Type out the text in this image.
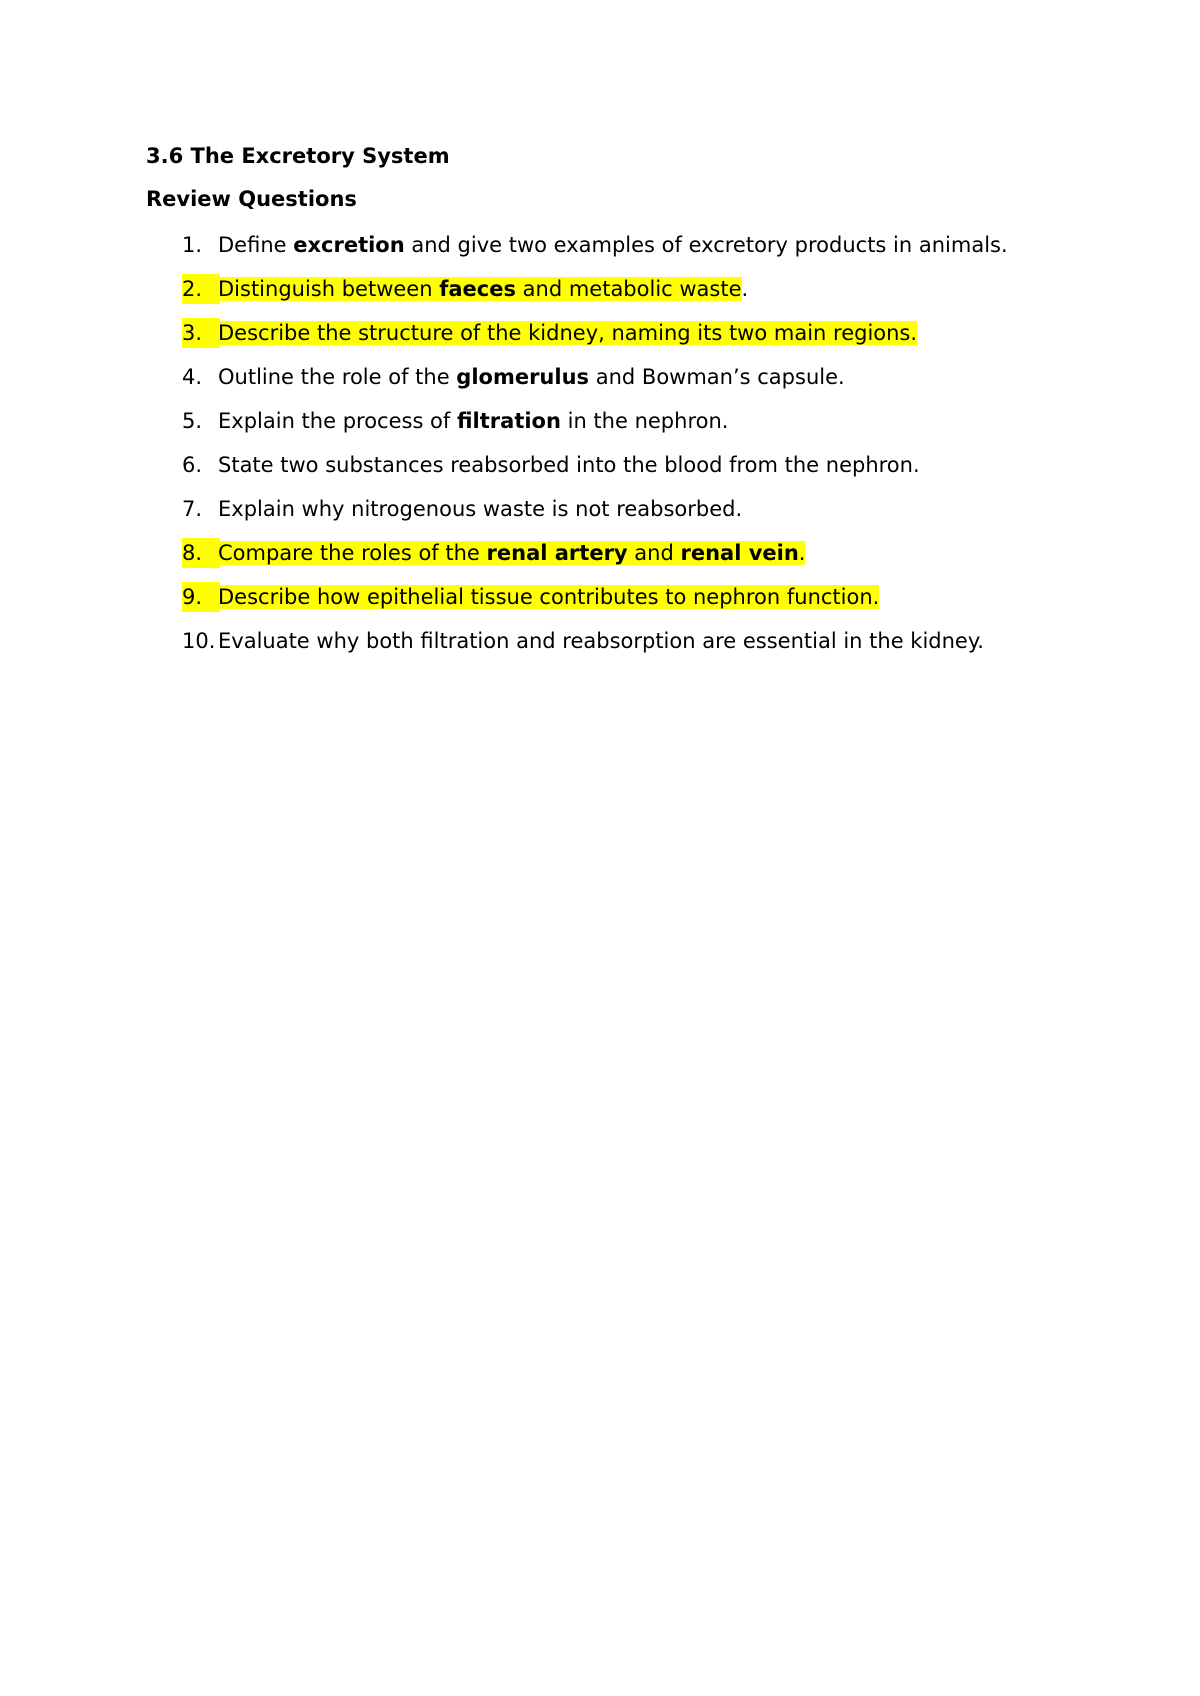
3.6 The Excretory System
Review Questions
1. Define excretion and give two examples of excretory products in animals.
2. Distinguish between faeces and metabolic waste.
3. Describe the structure of the kidney, naming its two main regions.
4. Outline the role of the glomerulus and Bowman’s capsule.
5. Explain the process of filtration in the nephron.
6. State two substances reabsorbed into the blood from the nephron.
7. Explain why nitrogenous waste is not reabsorbed.
8. Compare the roles of the renal artery and renal vein.
9. Describe how epithelial tissue contributes to nephron function.
10. Evaluate why both filtration and reabsorption are essential in the kidney.
